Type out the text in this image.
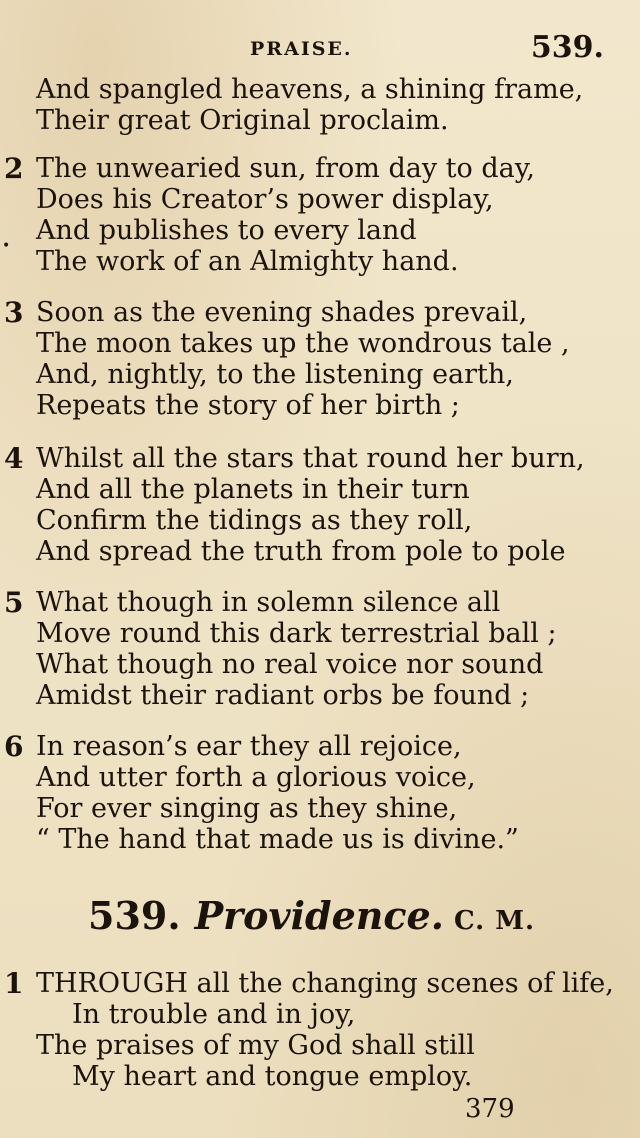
PRAISE.	539.
•
And spangled heavens, a shining frame,
Their great Original proclaim.
2 The unwearied sun, from day to day,
Does his Creator’s power display,
And publishes to every land
The work of an Almighty hand.
3 Soon as the evening shades prevail,
The moon takes up the wondrous tale ,
And, nightly, to the listening earth,
Repeats the story of her birth ;
4 Whilst all the stars that round her burn,
And all the planets in their turn
Confirm the tidings as they roll,
And spread the truth from pole to pole
5 What though in solemn silence all
Move round this dark terrestrial ball ;
What though no real voice nor sound
Amidst their radiant orbs be found ;
6 In reason’s ear they all rejoice,
And utter forth a glorious voice,
For ever singing as they shine,
“ The hand that made us is divine.”
539. Providence. C. M.
1 THROUGH all the changing scenes of life,
In trouble and in joy,
The praises of my God shall still
My heart and tongue employ.
379
